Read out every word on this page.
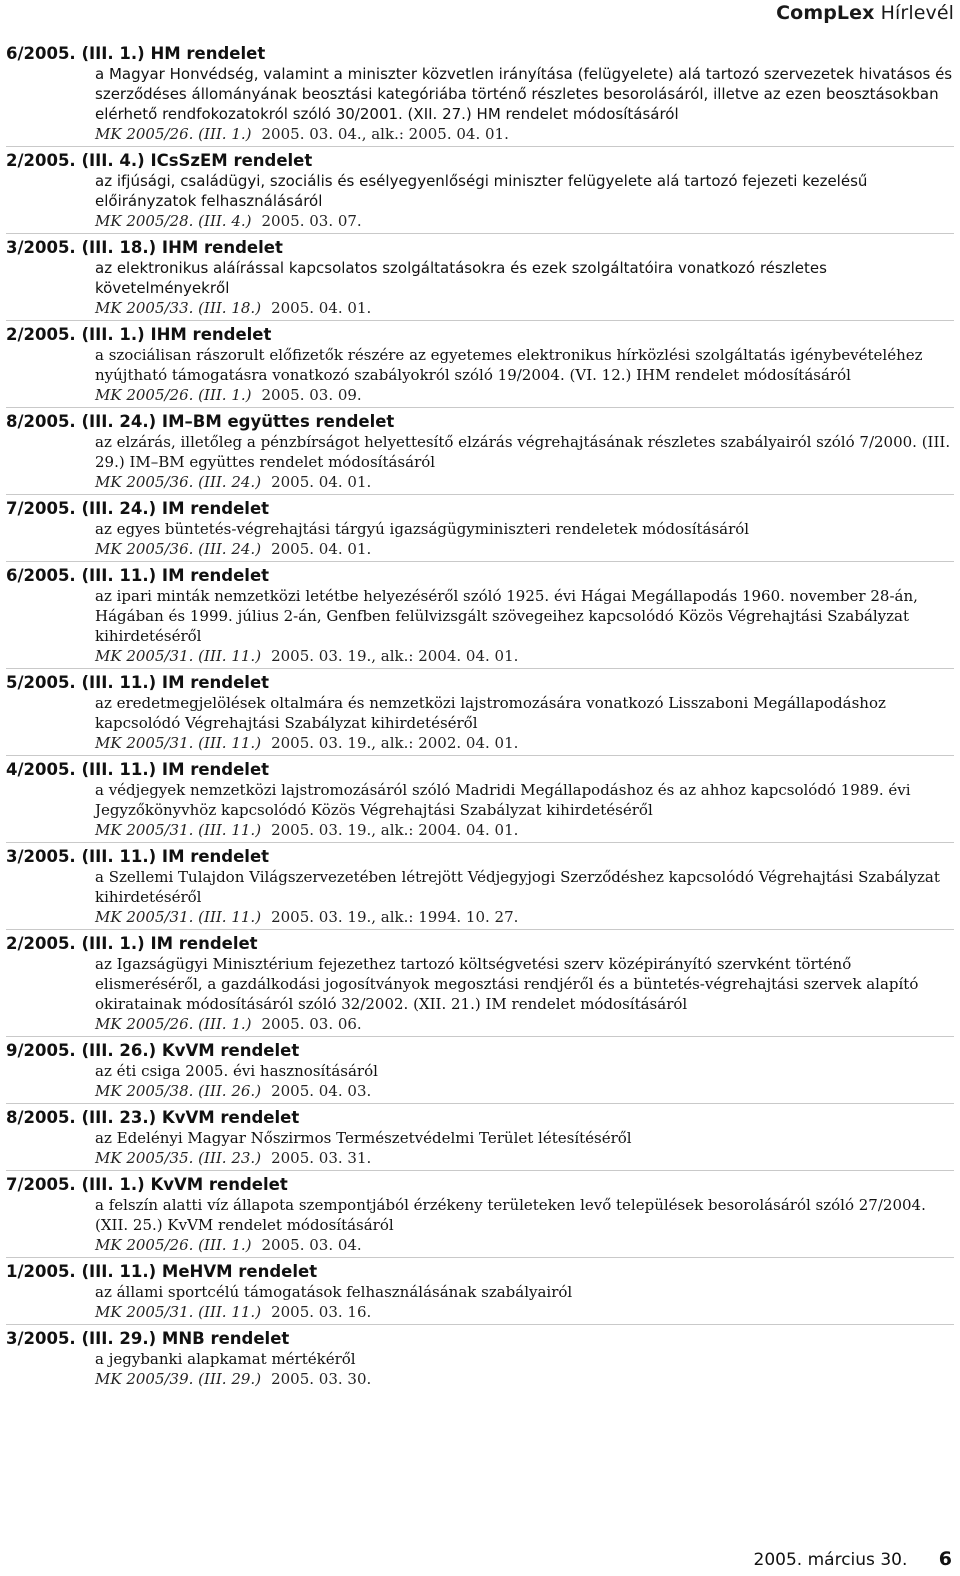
CompLex Hírlevél
6/2005. (III. 1.) HM rendelet
a Magyar Honvédség, valamint a miniszter közvetlen irányítása (felügyelete) alá tartozó szervezetek hivatásos és szerződéses állományának beosztási kategóriába történő részletes besorolásáról, illetve az ezen beosztásokban elérhető rendfokozatokról szóló 30/2001. (XII. 27.) HM rendelet módosításáról
MK 2005/26. (III. 1.) 2005. 03. 04., alk.: 2005. 04. 01.
2/2005. (III. 4.) ICsSzEM rendelet
az ifjúsági, családügyi, szociális és esélyegyenlőségi miniszter felügyelete alá tartozó fejezeti kezelésű előirányzatok felhasználásáról
MK 2005/28. (III. 4.) 2005. 03. 07.
3/2005. (III. 18.) IHM rendelet
az elektronikus aláírással kapcsolatos szolgáltatásokra és ezek szolgáltatóira vonatkozó részletes követelményekről
MK 2005/33. (III. 18.) 2005. 04. 01.
2/2005. (III. 1.) IHM rendelet
a szociálisan rászorult előfizetők részére az egyetemes elektronikus hírközlési szolgáltatás igénybevételéhez nyújtható támogatásra vonatkozó szabályokról szóló 19/2004. (VI. 12.) IHM rendelet módosításáról
MK 2005/26. (III. 1.) 2005. 03. 09.
8/2005. (III. 24.) IM–BM együttes rendelet
az elzárás, illetőleg a pénzbírságot helyettesítő elzárás végrehajtásának részletes szabályairól szóló 7/2000. (III. 29.) IM–BM együttes rendelet módosításáról
MK 2005/36. (III. 24.) 2005. 04. 01.
7/2005. (III. 24.) IM rendelet
az egyes büntetés-végrehajtási tárgyú igazságügyminiszteri rendeletek módosításáról
MK 2005/36. (III. 24.) 2005. 04. 01.
6/2005. (III. 11.) IM rendelet
az ipari minták nemzetközi letétbe helyezéséről szóló 1925. évi Hágai Megállapodás 1960. november 28-án, Hágában és 1999. július 2-án, Genfben felülvizsgált szövegeihez kapcsolódó Közös Végrehajtási Szabályzat kihirdetéséről
MK 2005/31. (III. 11.) 2005. 03. 19., alk.: 2004. 04. 01.
5/2005. (III. 11.) IM rendelet
az eredetmegjelölések oltalmára és nemzetközi lajstromozására vonatkozó Lisszaboni Megállapodáshoz kapcsolódó Végrehajtási Szabályzat kihirdetéséről
MK 2005/31. (III. 11.) 2005. 03. 19., alk.: 2002. 04. 01.
4/2005. (III. 11.) IM rendelet
a védjegyek nemzetközi lajstromozásáról szóló Madridi Megállapodáshoz és az ahhoz kapcsolódó 1989. évi Jegyzőkönyvhöz kapcsolódó Közös Végrehajtási Szabályzat kihirdetéséről
MK 2005/31. (III. 11.) 2005. 03. 19., alk.: 2004. 04. 01.
3/2005. (III. 11.) IM rendelet
a Szellemi Tulajdon Világszervezetében létrejött Védjegyjogi Szerződéshez kapcsolódó Végrehajtási Szabályzat kihirdetéséről
MK 2005/31. (III. 11.) 2005. 03. 19., alk.: 1994. 10. 27.
2/2005. (III. 1.) IM rendelet
az Igazságügyi Minisztérium fejezethez tartozó költségvetési szerv középirányító szervként történő elismeréséről, a gazdálkodási jogosítványok megosztási rendjéről és a büntetés-végrehajtási szervek alapító okiratainak módosításáról szóló 32/2002. (XII. 21.) IM rendelet módosításáról
MK 2005/26. (III. 1.) 2005. 03. 06.
9/2005. (III. 26.) KvVM rendelet
az éti csiga 2005. évi hasznosításáról
MK 2005/38. (III. 26.) 2005. 04. 03.
8/2005. (III. 23.) KvVM rendelet
az Edelényi Magyar Nőszirmos Természetvédelmi Terület létesítéséről
MK 2005/35. (III. 23.) 2005. 03. 31.
7/2005. (III. 1.) KvVM rendelet
a felszín alatti víz állapota szempontjából érzékeny területeken levő települések besorolásáról szóló 27/2004. (XII. 25.) KvVM rendelet módosításáról
MK 2005/26. (III. 1.) 2005. 03. 04.
1/2005. (III. 11.) MeHVM rendelet
az állami sportcélú támogatások felhasználásának szabályairól
MK 2005/31. (III. 11.) 2005. 03. 16.
3/2005. (III. 29.) MNB rendelet
a jegybanki alapkamat mértékéről
MK 2005/39. (III. 29.) 2005. 03. 30.
2005. március 30. 6
